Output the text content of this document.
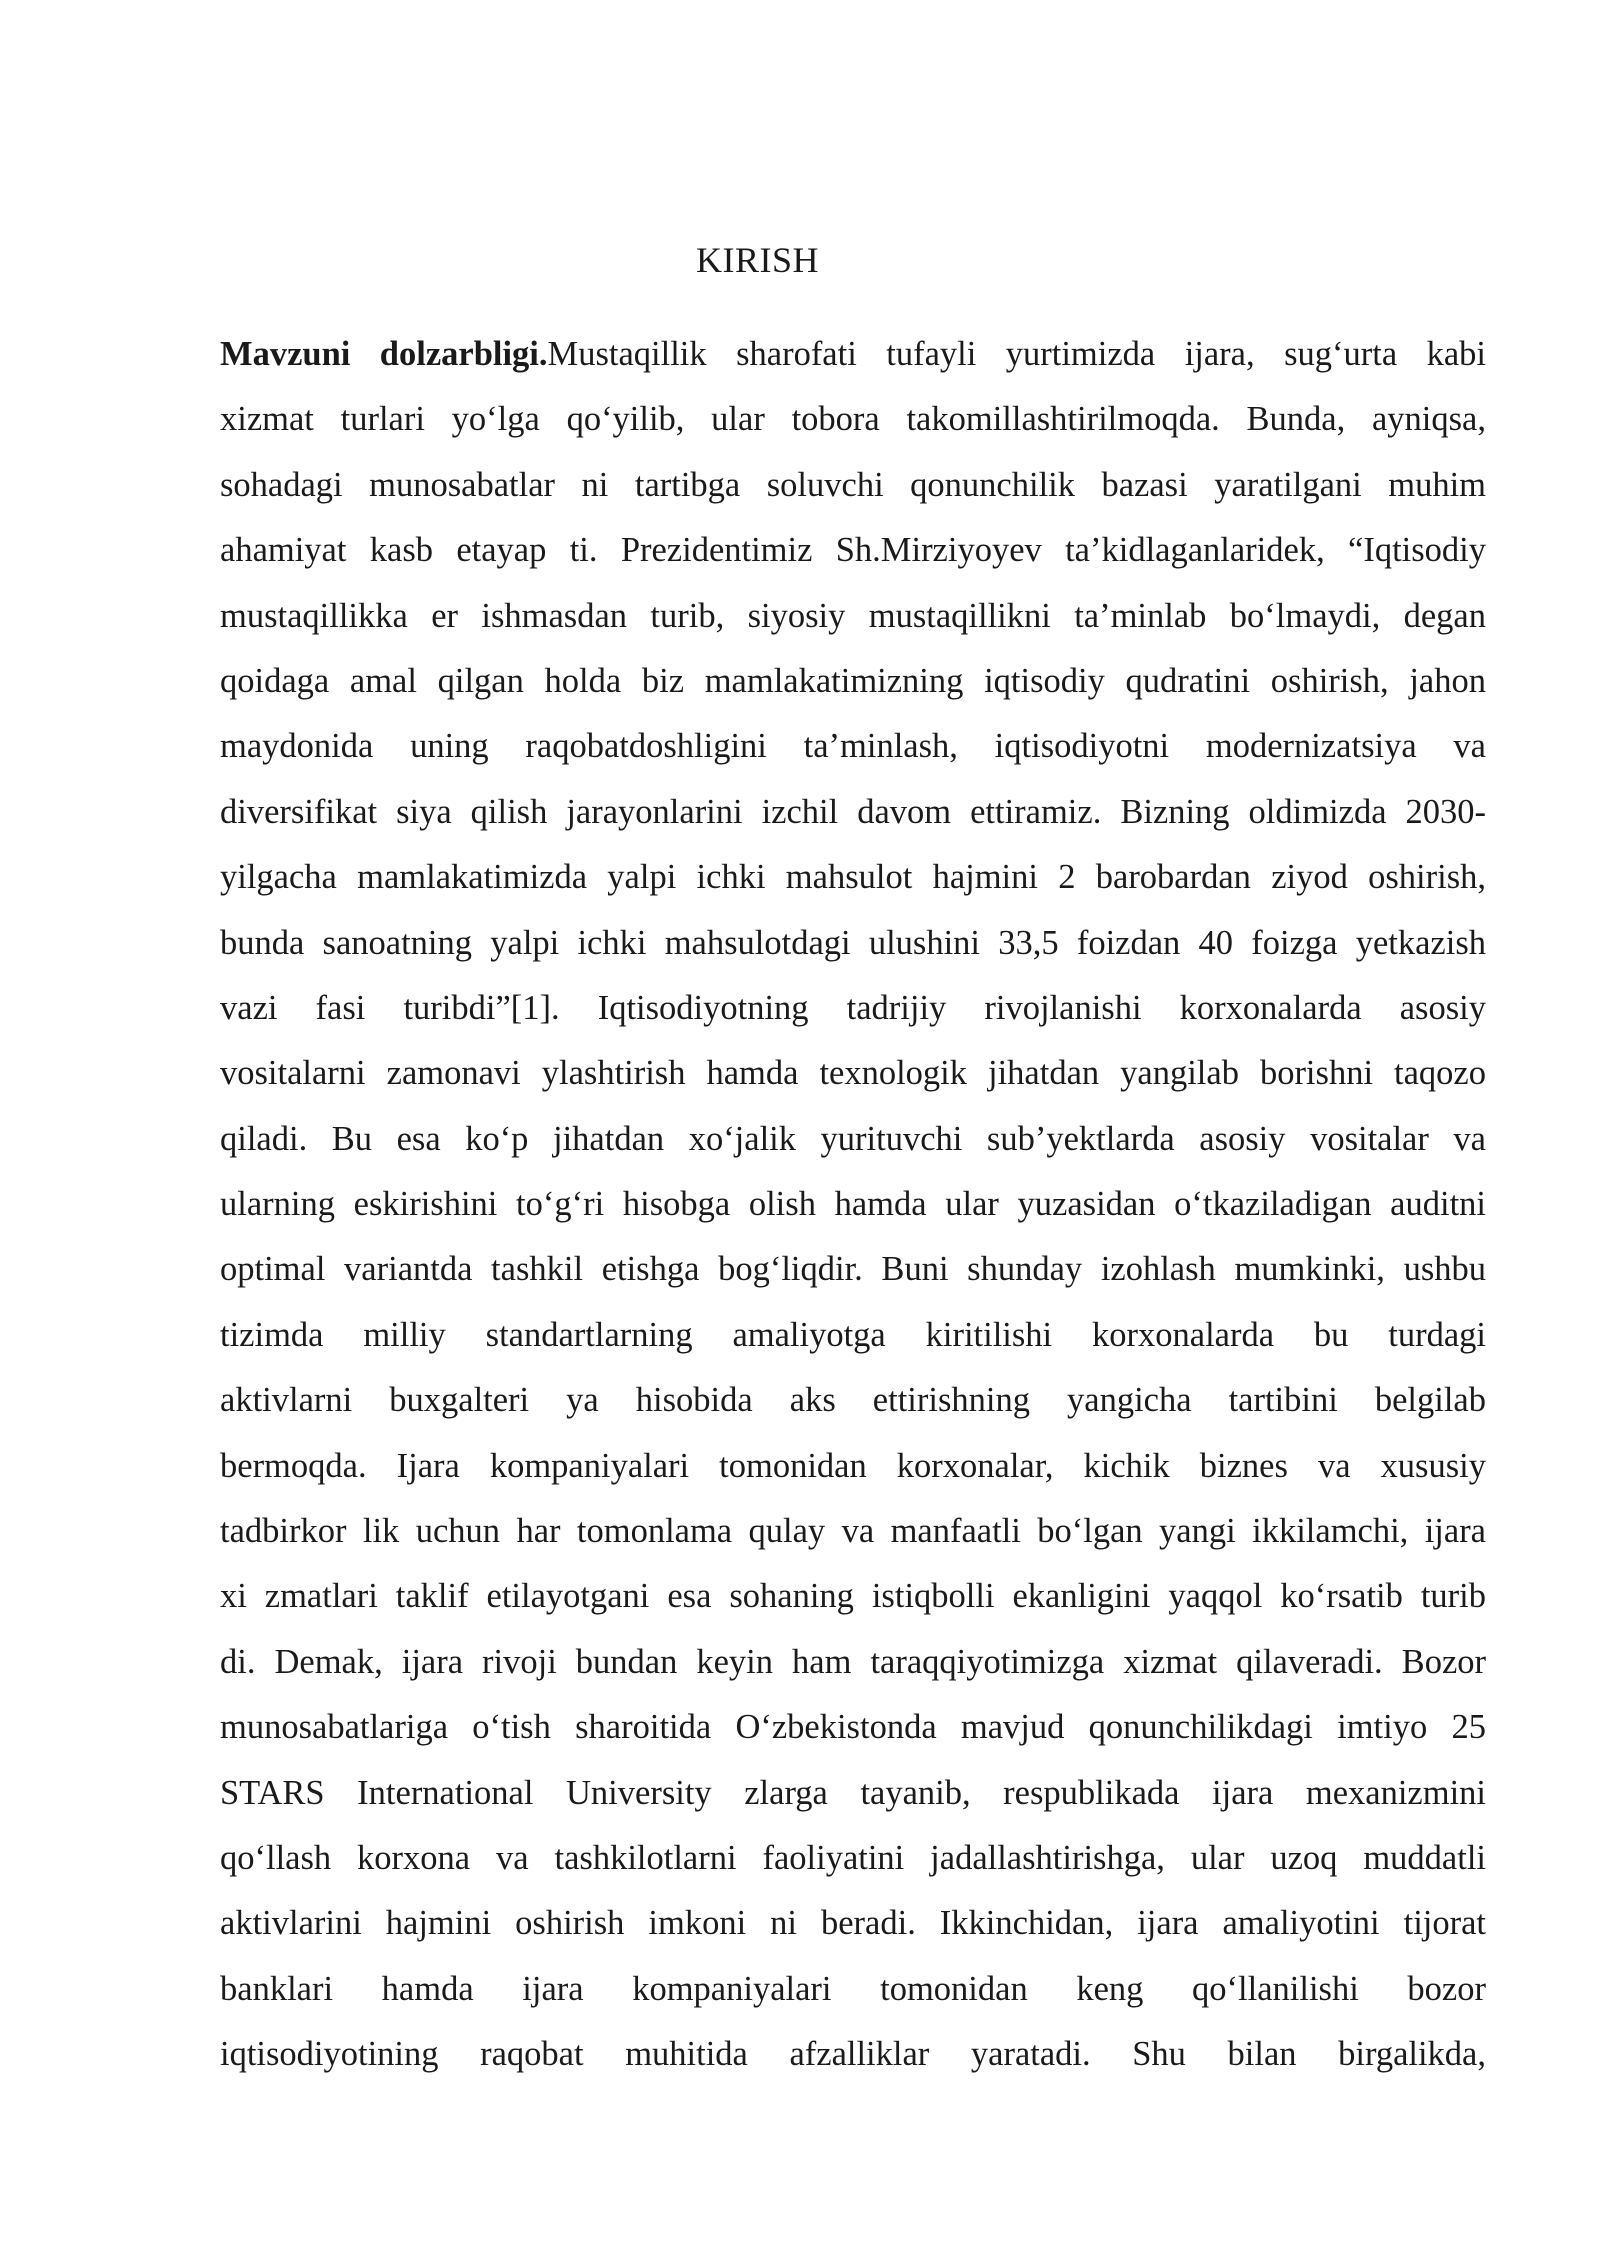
KIRISH
Mavzuni dolzarbligi.Mustaqillik sharofati tufayli yurtimizda ijara, sug‘urta kabi
xizmat turlari yo‘lga qo‘yilib, ular tobora takomillashtirilmoqda. Bunda, ayniqsa,
sohadagi munosabatlar ni tartibga soluvchi qonunchilik bazasi yaratilgani muhim
ahamiyat kasb etayap ti. Prezidentimiz Sh.Mirziyoyev ta’kidlaganlaridek, “Iqtisodiy
mustaqillikka er ishmasdan turib, siyosiy mustaqillikni ta’minlab bo‘lmaydi, degan
qoidaga amal qilgan holda biz mamlakatimizning iqtisodiy qudratini oshirish, jahon
maydonida uning raqobatdoshligini ta’minlash, iqtisodiyotni modernizatsiya va
diversifikat siya qilish jarayonlarini izchil davom ettiramiz. Bizning oldimizda 2030-
yilgacha mamlakatimizda yalpi ichki mahsulot hajmini 2 barobardan ziyod oshirish,
bunda sanoatning yalpi ichki mahsulotdagi ulushini 33,5 foizdan 40 foizga yetkazish
vazi fasi turibdi”[1]. Iqtisodiyotning tadrijiy rivojlanishi korxonalarda asosiy
vositalarni zamonavi ylashtirish hamda texnologik jihatdan yangilab borishni taqozo
qiladi. Bu esa ko‘p jihatdan xo‘jalik yurituvchi sub’yektlarda asosiy vositalar va
ularning eskirishini to‘g‘ri hisobga olish hamda ular yuzasidan o‘tkaziladigan auditni
optimal variantda tashkil etishga bog‘liqdir. Buni shunday izohlash mumkinki, ushbu
tizimda milliy standartlarning amaliyotga kiritilishi korxonalarda bu turdagi
aktivlarni buxgalteri ya hisobida aks ettirishning yangicha tartibini belgilab
bermoqda. Ijara kompaniyalari tomonidan korxonalar, kichik biznes va xususiy
tadbirkor lik uchun har tomonlama qulay va manfaatli bo‘lgan yangi ikkilamchi, ijara
xi zmatlari taklif etilayotgani esa sohaning istiqbolli ekanligini yaqqol ko‘rsatib turib
di. Demak, ijara rivoji bundan keyin ham taraqqiyotimizga xizmat qilaveradi. Bozor
munosabatlariga o‘tish sharoitida O‘zbekistonda mavjud qonunchilikdagi imtiyo 25
STARS International University zlarga tayanib, respublikada ijara mexanizmini
qo‘llash korxona va tashkilotlarni faoliyatini jadallashtirishga, ular uzoq muddatli
aktivlarini hajmini oshirish imkoni ni beradi. Ikkinchidan, ijara amaliyotini tijorat
banklari hamda ijara kompaniyalari tomonidan keng qo‘llanilishi bozor
iqtisodiyotining raqobat muhitida afzalliklar yaratadi. Shu bilan birgalikda,
